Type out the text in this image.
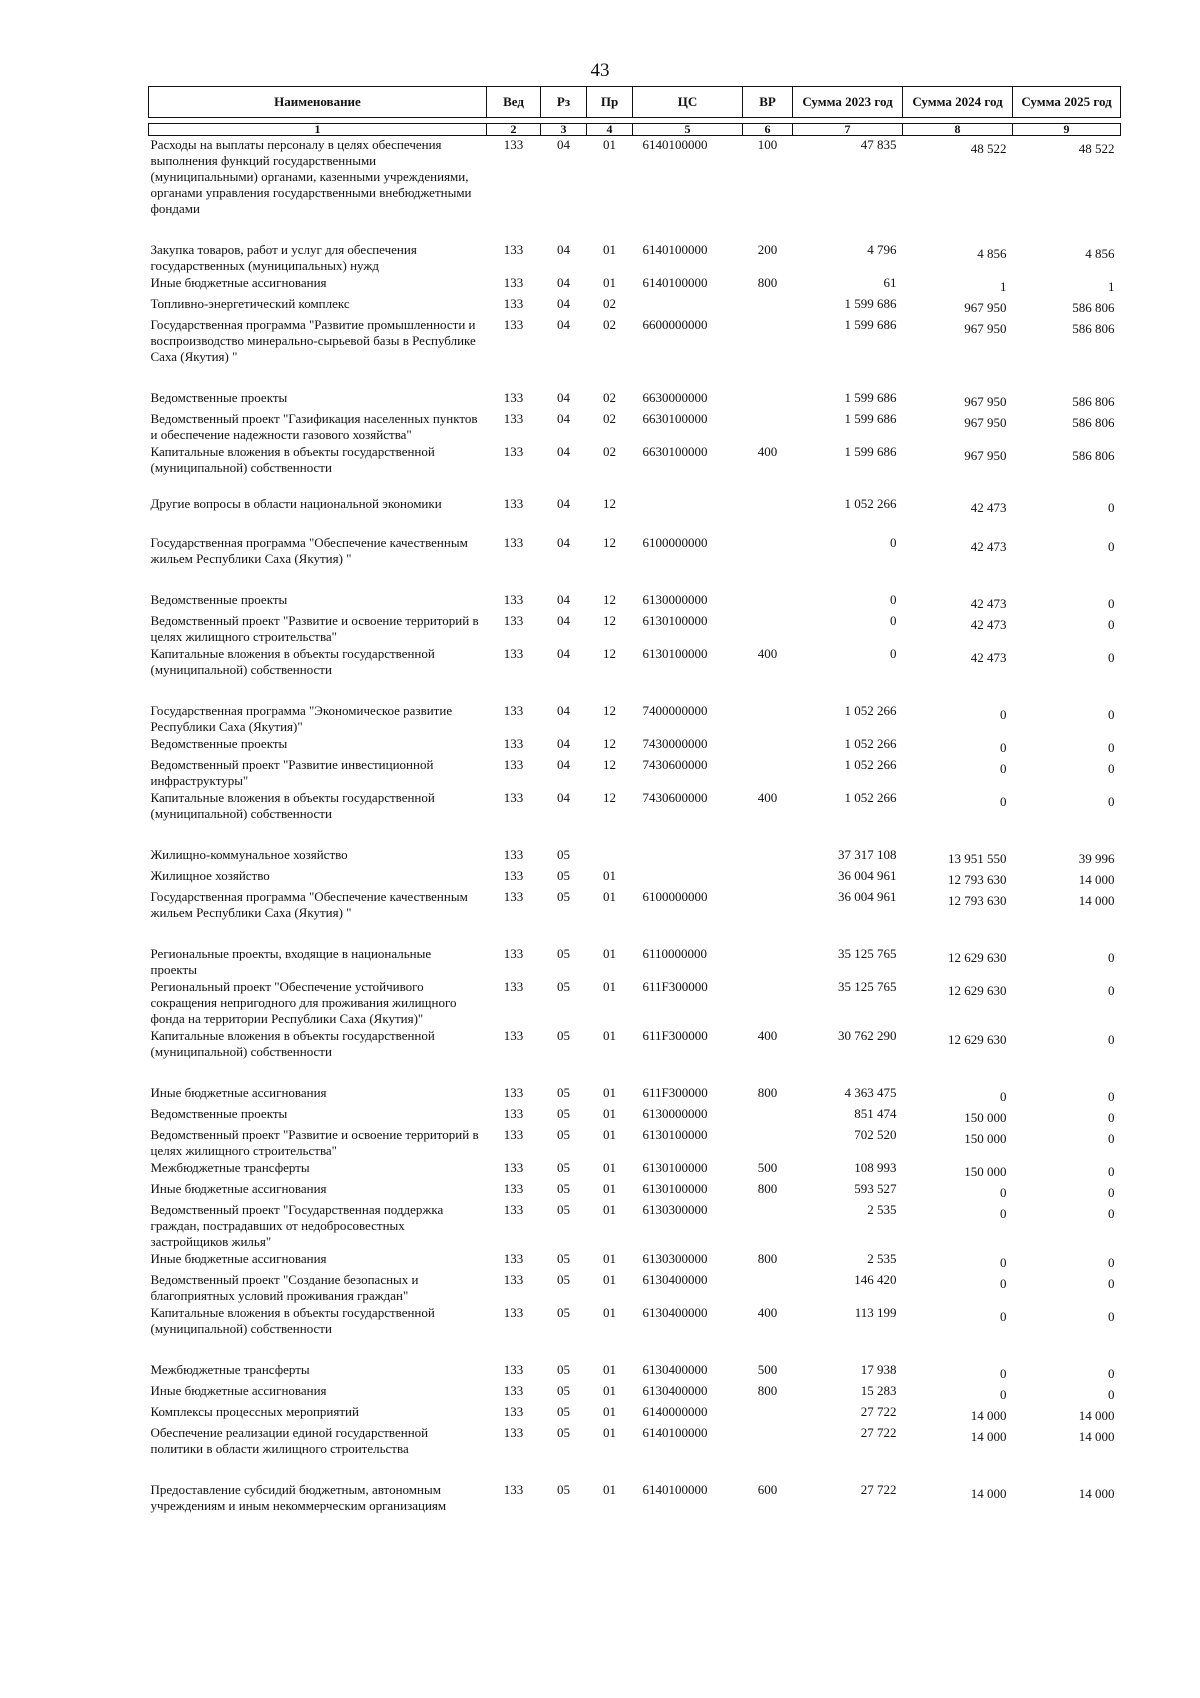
43
Наименование	Вед	Рз	Пр	ЦС	ВР	Сумма 2023 год	Сумма 2024 год	Сумма 2025 год

1	2	3	4	5	6	7	8	9
Расходы на выплаты персоналу в целях обеспечения выполнения функций государственными (муниципальными) органами, казенными учреждениями, органами управления государственными внебюджетными фондами	133	04	01	6140100000	100	47 835	48 522	48 522
Закупка товаров, работ и услуг для обеспечения государственных (муниципальных) нужд	133	04	01	6140100000	200	4 796	4 856	4 856
Иные бюджетные ассигнования	133	04	01	6140100000	800	61	1	1
Топливно-энергетический комплекс	133	04	02			1 599 686	967 950	586 806
Государственная программа "Развитие промышленности и воспроизводство минерально-сырьевой базы в Республике Саха (Якутия) "	133	04	02	6600000000		1 599 686	967 950	586 806
Ведомственные проекты	133	04	02	6630000000		1 599 686	967 950	586 806
Ведомственный проект "Газификация населенных пунктов и обеспечение надежности газового хозяйства"	133	04	02	6630100000		1 599 686	967 950	586 806
Капитальные вложения в объекты государственной (муниципальной) собственности	133	04	02	6630100000	400	1 599 686	967 950	586 806
Другие вопросы в области национальной экономики	133	04	12			1 052 266	42 473	0
Государственная программа "Обеспечение качественным жильем Республики Саха (Якутия) "	133	04	12	6100000000		0	42 473	0
Ведомственные проекты	133	04	12	6130000000		0	42 473	0
Ведомственный проект "Развитие и освоение территорий в целях жилищного строительства"	133	04	12	6130100000		0	42 473	0
Капитальные вложения в объекты государственной (муниципальной) собственности	133	04	12	6130100000	400	0	42 473	0
Государственная программа "Экономическое развитие Республики Саха (Якутия)"	133	04	12	7400000000		1 052 266	0	0
Ведомственные проекты	133	04	12	7430000000		1 052 266	0	0
Ведомственный проект "Развитие инвестиционной инфраструктуры"	133	04	12	7430600000		1 052 266	0	0
Капитальные вложения в объекты государственной (муниципальной) собственности	133	04	12	7430600000	400	1 052 266	0	0
Жилищно-коммунальное хозяйство	133	05				37 317 108	13 951 550	39 996
Жилищное хозяйство	133	05	01			36 004 961	12 793 630	14 000
Государственная программа "Обеспечение качественным жильем Республики Саха (Якутия) "	133	05	01	6100000000		36 004 961	12 793 630	14 000
Региональные проекты, входящие в национальные проекты	133	05	01	6110000000		35 125 765	12 629 630	0
Региональный проект "Обеспечение устойчивого сокращения непригодного для проживания жилищного фонда на территории Республики Саха (Якутия)"	133	05	01	611F300000		35 125 765	12 629 630	0
Капитальные вложения в объекты государственной (муниципальной) собственности	133	05	01	611F300000	400	30 762 290	12 629 630	0
Иные бюджетные ассигнования	133	05	01	611F300000	800	4 363 475	0	0
Ведомственные проекты	133	05	01	6130000000		851 474	150 000	0
Ведомственный проект "Развитие и освоение территорий в целях жилищного строительства"	133	05	01	6130100000		702 520	150 000	0
Межбюджетные трансферты	133	05	01	6130100000	500	108 993	150 000	0
Иные бюджетные ассигнования	133	05	01	6130100000	800	593 527	0	0
Ведомственный проект "Государственная поддержка граждан, пострадавших от недобросовестных застройщиков жилья"	133	05	01	6130300000		2 535	0	0
Иные бюджетные ассигнования	133	05	01	6130300000	800	2 535	0	0
Ведомственный проект "Создание безопасных и благоприятных условий проживания граждан"	133	05	01	6130400000		146 420	0	0
Капитальные вложения в объекты государственной (муниципальной) собственности	133	05	01	6130400000	400	113 199	0	0
Межбюджетные трансферты	133	05	01	6130400000	500	17 938	0	0
Иные бюджетные ассигнования	133	05	01	6130400000	800	15 283	0	0
Комплексы процессных мероприятий	133	05	01	6140000000		27 722	14 000	14 000
Обеспечение реализации единой государственной политики в области жилищного строительства	133	05	01	6140100000		27 722	14 000	14 000
Предоставление субсидий бюджетным, автономным учреждениям и иным некоммерческим организациям	133	05	01	6140100000	600	27 722	14 000	14 000
